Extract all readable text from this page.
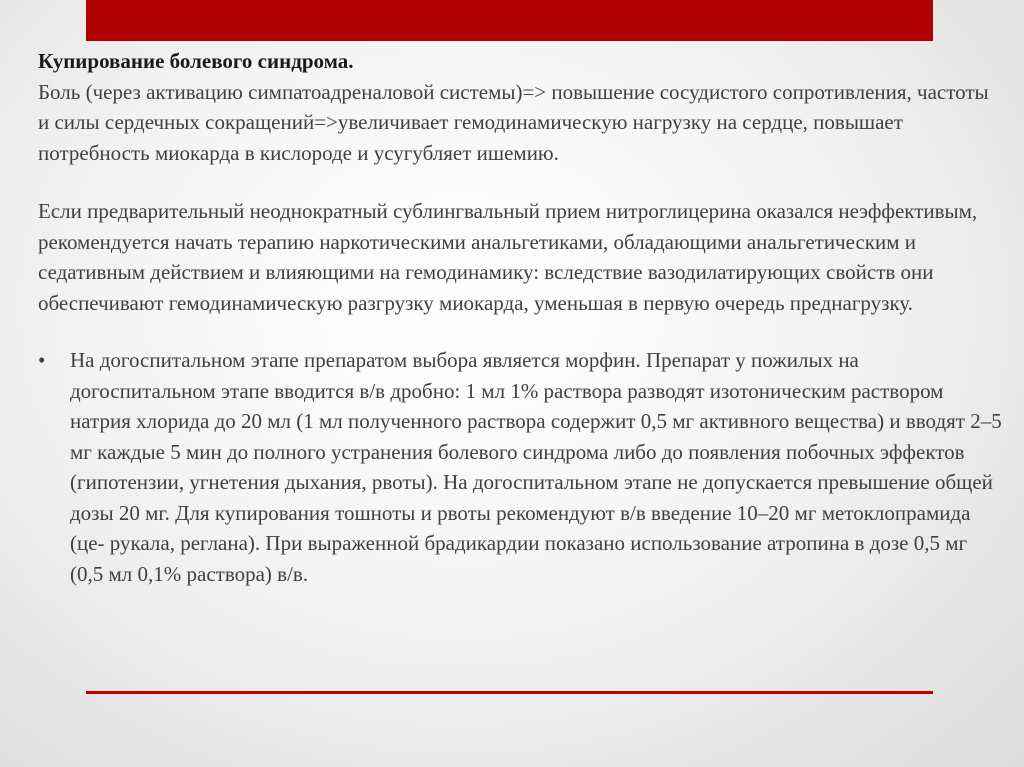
Купирование болевого синдрома.

Боль (через активацию симпатоадреналовой системы)=> повышение сосудистого сопротивления, частоты и силы сердечных сокращений=>увеличивает гемодинамическую нагрузку на сердце, повышает потребность миокарда в кислороде и усугубляет ишемию.

Если предварительный неоднократный сублингвальный прием нитроглицерина оказался неэффективым, рекомендуется начать терапию наркотическими анальгетиками, обладающими анальгетическим и седативным действием и влияющими на гемодинамику: вследствие вазодилатирующих свойств они обеспечивают гемодинамическую разгрузку миокарда, уменьшая в первую очередь преднагрузку.

•	На догоспитальном этапе препаратом выбора является морфин. Препарат у пожилых на догоспитальном этапе вводится в/в дробно: 1 мл 1% раствора разводят изотоническим раствором натрия хлорида до 20 мл (1 мл полученного раствора содержит 0,5 мг активного вещества) и вводят 2–5 мг каждые 5 мин до полного устранения болевого синдрома либо до появления побочных эффектов (гипотензии, угнетения дыхания, рвоты). На догоспитальном этапе не допускается превышение общей дозы 20 мг. Для купирования тошноты и рвоты рекомендуют в/в введение 10–20 мг метоклопрамида (це- рукала, реглана). При выраженной брадикардии показано использование атропина в дозе 0,5 мг (0,5 мл 0,1% раствора) в/в.
